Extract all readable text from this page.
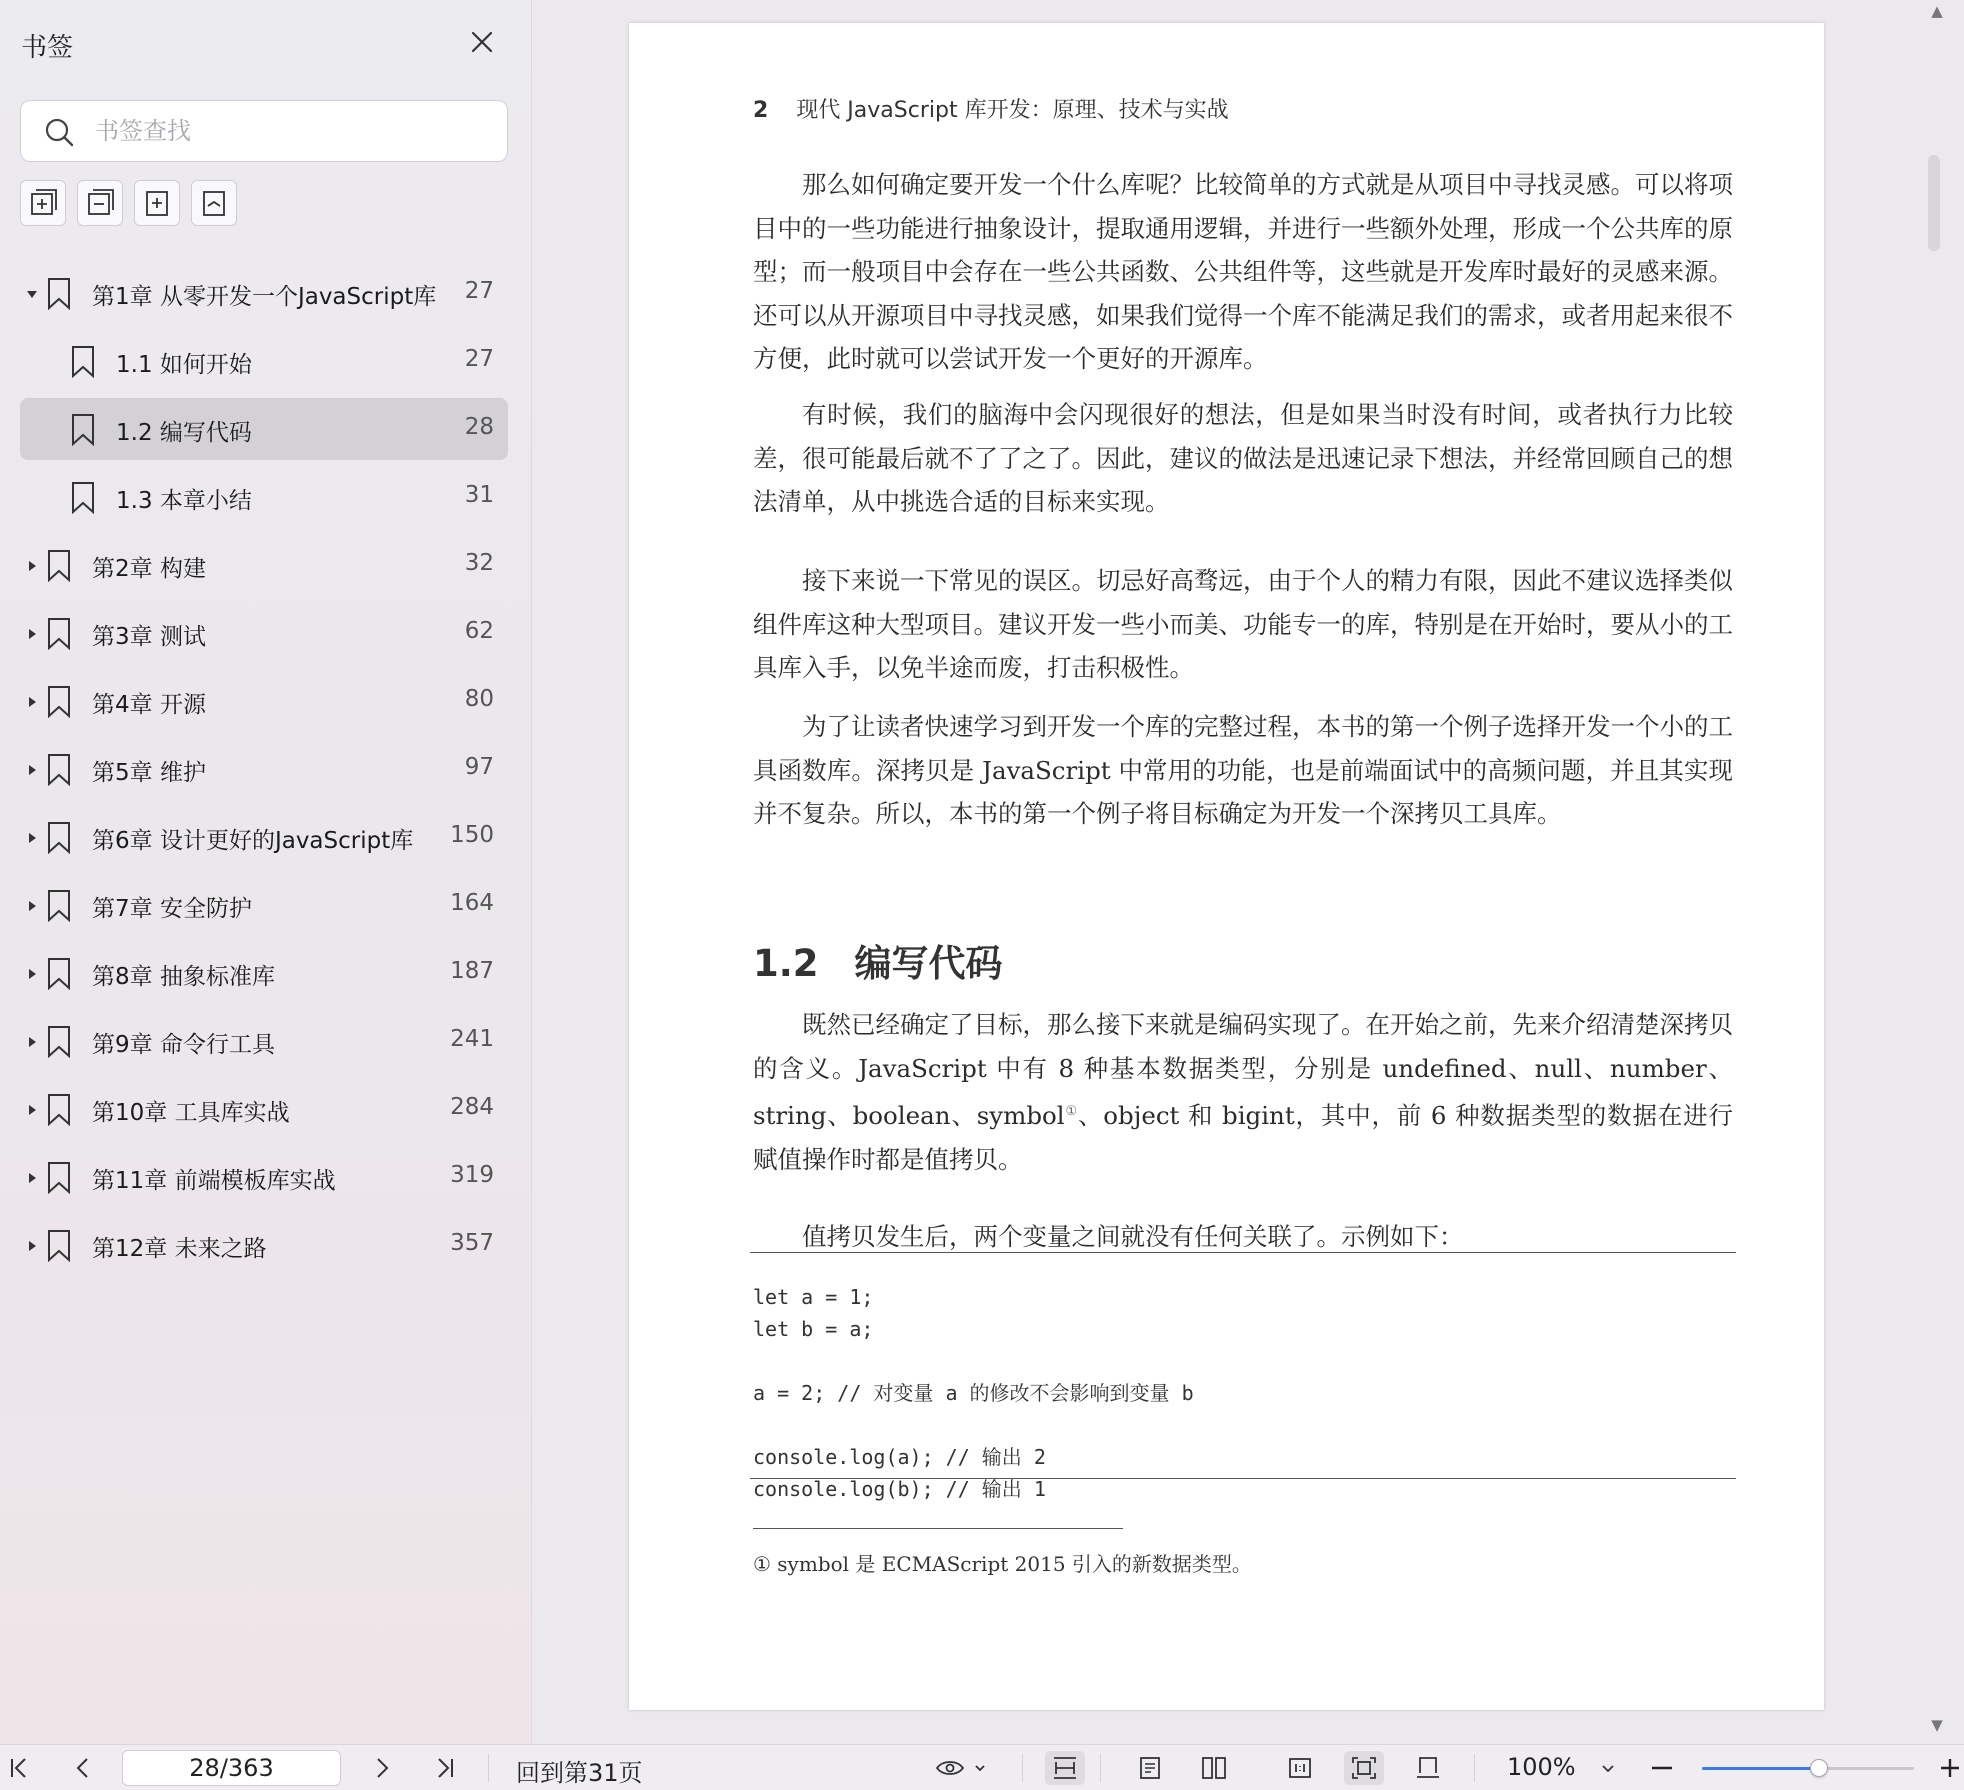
书签
书签查找
第1章 从零开发一个JavaScript库 27
1.1 如何开始	27
1.2 编写代码	28
1.3 本章小结	31
第2章 构建	32
第3章 测试	62
第4章 开源	80
第5章 维护	97
第6章 设计更好的JavaScript库 150
第7章 安全防护	164
第8章 抽象标准库	187
第9章 命令行工具	241
第10章 工具库实战	284
第11章 前端模板库实战	319
第12章 未来之路	357
2 现代 JavaScript 库开发：原理、技术与实战
那么如何确定要开发一个什么库呢？比较简单的方式就是从项目中寻找灵感。可以将项目中的一些功能进行抽象设计，提取通用逻辑，并进行一些额外处理，形成一个公共库的原型；而一般项目中会存在一些公共函数、公共组件等，这些就是开发库时最好的灵感来源。还可以从开源项目中寻找灵感，如果我们觉得一个库不能满足我们的需求，或者用起来很不方便，此时就可以尝试开发一个更好的开源库。
有时候，我们的脑海中会闪现很好的想法，但是如果当时没有时间，或者执行力比较差，很可能最后就不了了之了。因此，建议的做法是迅速记录下想法，并经常回顾自己的想法清单，从中挑选合适的目标来实现。
接下来说一下常见的误区。切忌好高骛远，由于个人的精力有限，因此不建议选择类似组件库这种大型项目。建议开发一些小而美、功能专一的库，特别是在开始时，要从小的工具库入手，以免半途而废，打击积极性。
为了让读者快速学习到开发一个库的完整过程，本书的第一个例子选择开发一个小的工具函数库。深拷贝是 JavaScript 中常用的功能，也是前端面试中的高频问题，并且其实现并不复杂。所以，本书的第一个例子将目标确定为开发一个深拷贝工具库。
1.2 编写代码
既然已经确定了目标，那么接下来就是编码实现了。在开始之前，先来介绍清楚深拷贝的含义。JavaScript 中有 8 种基本数据类型，分别是 undefined、null、number、string、boolean、symbol①、object 和 bigint，其中，前 6 种数据类型的数据在进行赋值操作时都是值拷贝。
值拷贝发生后，两个变量之间就没有任何关联了。示例如下：
let a = 1;
let b = a;

a = 2; // 对变量 a 的修改不会影响到变量 b

console.log(a); // 输出 2
console.log(b); // 输出 1
① symbol 是 ECMAScript 2015 引入的新数据类型。
▲
▼
28/363
回到第31页	100%
